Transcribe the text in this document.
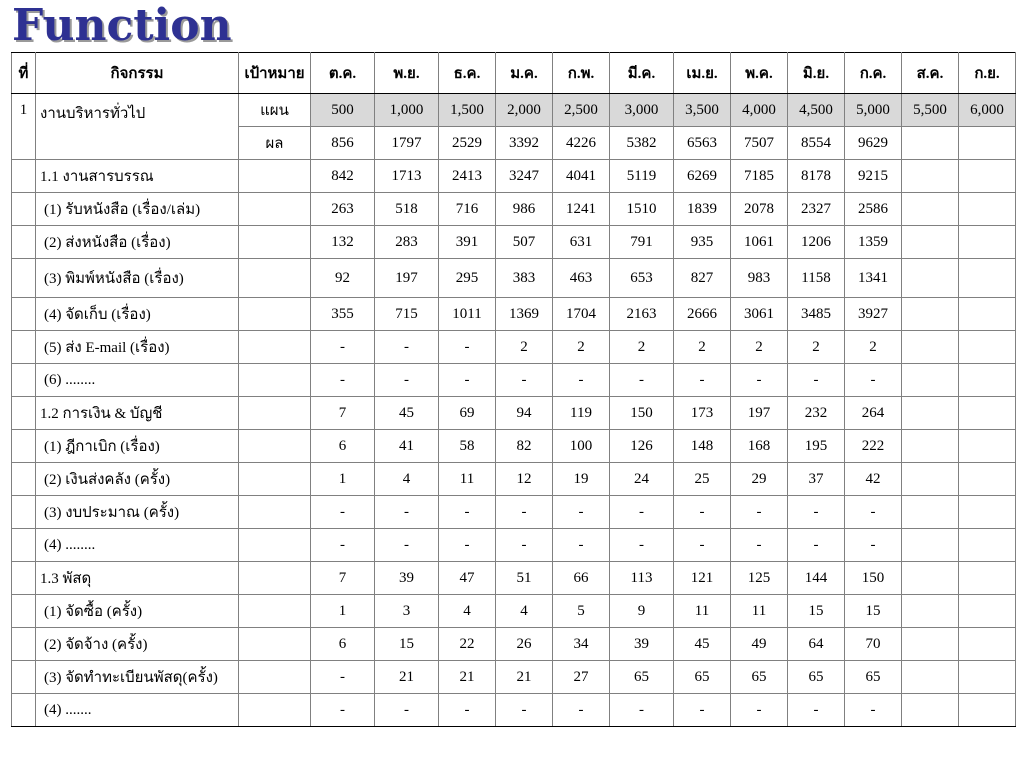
Function
ที่	กิจกรรม	เป้าหมาย	ต.ค.	พ.ย.	ธ.ค.	ม.ค.	ก.พ.	มี.ค.	เม.ย.	พ.ค.	มิ.ย.	ก.ค.	ส.ค.	ก.ย.
1	งานบริหารทั่วไป	แผน	500	1,000	1,500	2,000	2,500	3,000	3,500	4,000	4,500	5,000	5,500	6,000
		ผล	856	1797	2529	3392	4226	5382	6563	7507	8554	9629		
	1.1 งานสารบรรณ		842	1713	2413	3247	4041	5119	6269	7185	8178	9215		
	(1) รับหนังสือ (เรื่อง/เล่ม)		263	518	716	986	1241	1510	1839	2078	2327	2586		
	(2) ส่งหนังสือ (เรื่อง)		132	283	391	507	631	791	935	1061	1206	1359		
	(3) พิมพ์หนังสือ (เรื่อง)		92	197	295	383	463	653	827	983	1158	1341		
	(4) จัดเก็บ (เรื่อง)		355	715	1011	1369	1704	2163	2666	3061	3485	3927		
	(5) ส่ง E-mail (เรื่อง)		-	-	-	2	2	2	2	2	2	2		
	(6) ........		-	-	-	-	-	-	-	-	-	-		
	1.2 การเงิน & บัญชี		7	45	69	94	119	150	173	197	232	264		
	(1) ฎีกาเบิก (เรื่อง)		6	41	58	82	100	126	148	168	195	222		
	(2) เงินส่งคลัง (ครั้ง)		1	4	11	12	19	24	25	29	37	42		
	(3) งบประมาณ (ครั้ง)		-	-	-	-	-	-	-	-	-	-		
	(4) ........		-	-	-	-	-	-	-	-	-	-		
	1.3 พัสดุ		7	39	47	51	66	113	121	125	144	150		
	(1) จัดซื้อ (ครั้ง)		1	3	4	4	5	9	11	11	15	15		
	(2) จัดจ้าง (ครั้ง)		6	15	22	26	34	39	45	49	64	70		
	(3) จัดทำทะเบียนพัสดุ(ครั้ง)		-	21	21	21	27	65	65	65	65	65		
	(4) .......		-	-	-	-	-	-	-	-	-	-		
